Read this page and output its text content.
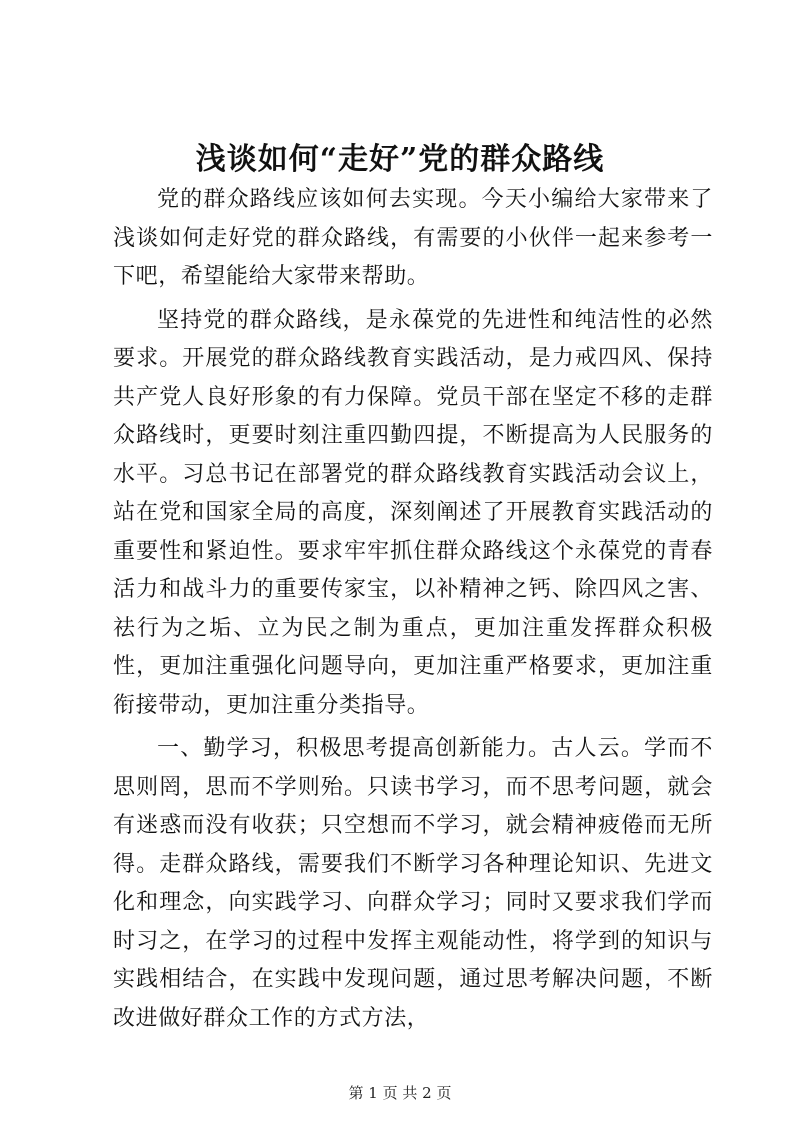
浅谈如何“走好”党的群众路线

党的群众路线应该如何去实现。今天小编给大家带来了浅谈如何走好党的群众路线，有需要的小伙伴一起来参考一下吧，希望能给大家带来帮助。

坚持党的群众路线，是永葆党的先进性和纯洁性的必然要求。开展党的群众路线教育实践活动，是力戒四风、保持共产党人良好形象的有力保障。党员干部在坚定不移的走群众路线时，更要时刻注重四勤四提，不断提高为人民服务的水平。习总书记在部署党的群众路线教育实践活动会议上，站在党和国家全局的高度，深刻阐述了开展教育实践活动的重要性和紧迫性。要求牢牢抓住群众路线这个永葆党的青春活力和战斗力的重要传家宝，以补精神之钙、除四风之害、祛行为之垢、立为民之制为重点，更加注重发挥群众积极性，更加注重强化问题导向，更加注重严格要求，更加注重衔接带动，更加注重分类指导。

一、勤学习，积极思考提高创新能力。古人云。学而不思则罔，思而不学则殆。只读书学习，而不思考问题，就会有迷惑而没有收获；只空想而不学习，就会精神疲倦而无所得。走群众路线，需要我们不断学习各种理论知识、先进文化和理念，向实践学习、向群众学习；同时又要求我们学而时习之，在学习的过程中发挥主观能动性，将学到的知识与实践相结合，在实践中发现问题，通过思考解决问题，不断改进做好群众工作的方式方法，

第 1 页 共 2 页
